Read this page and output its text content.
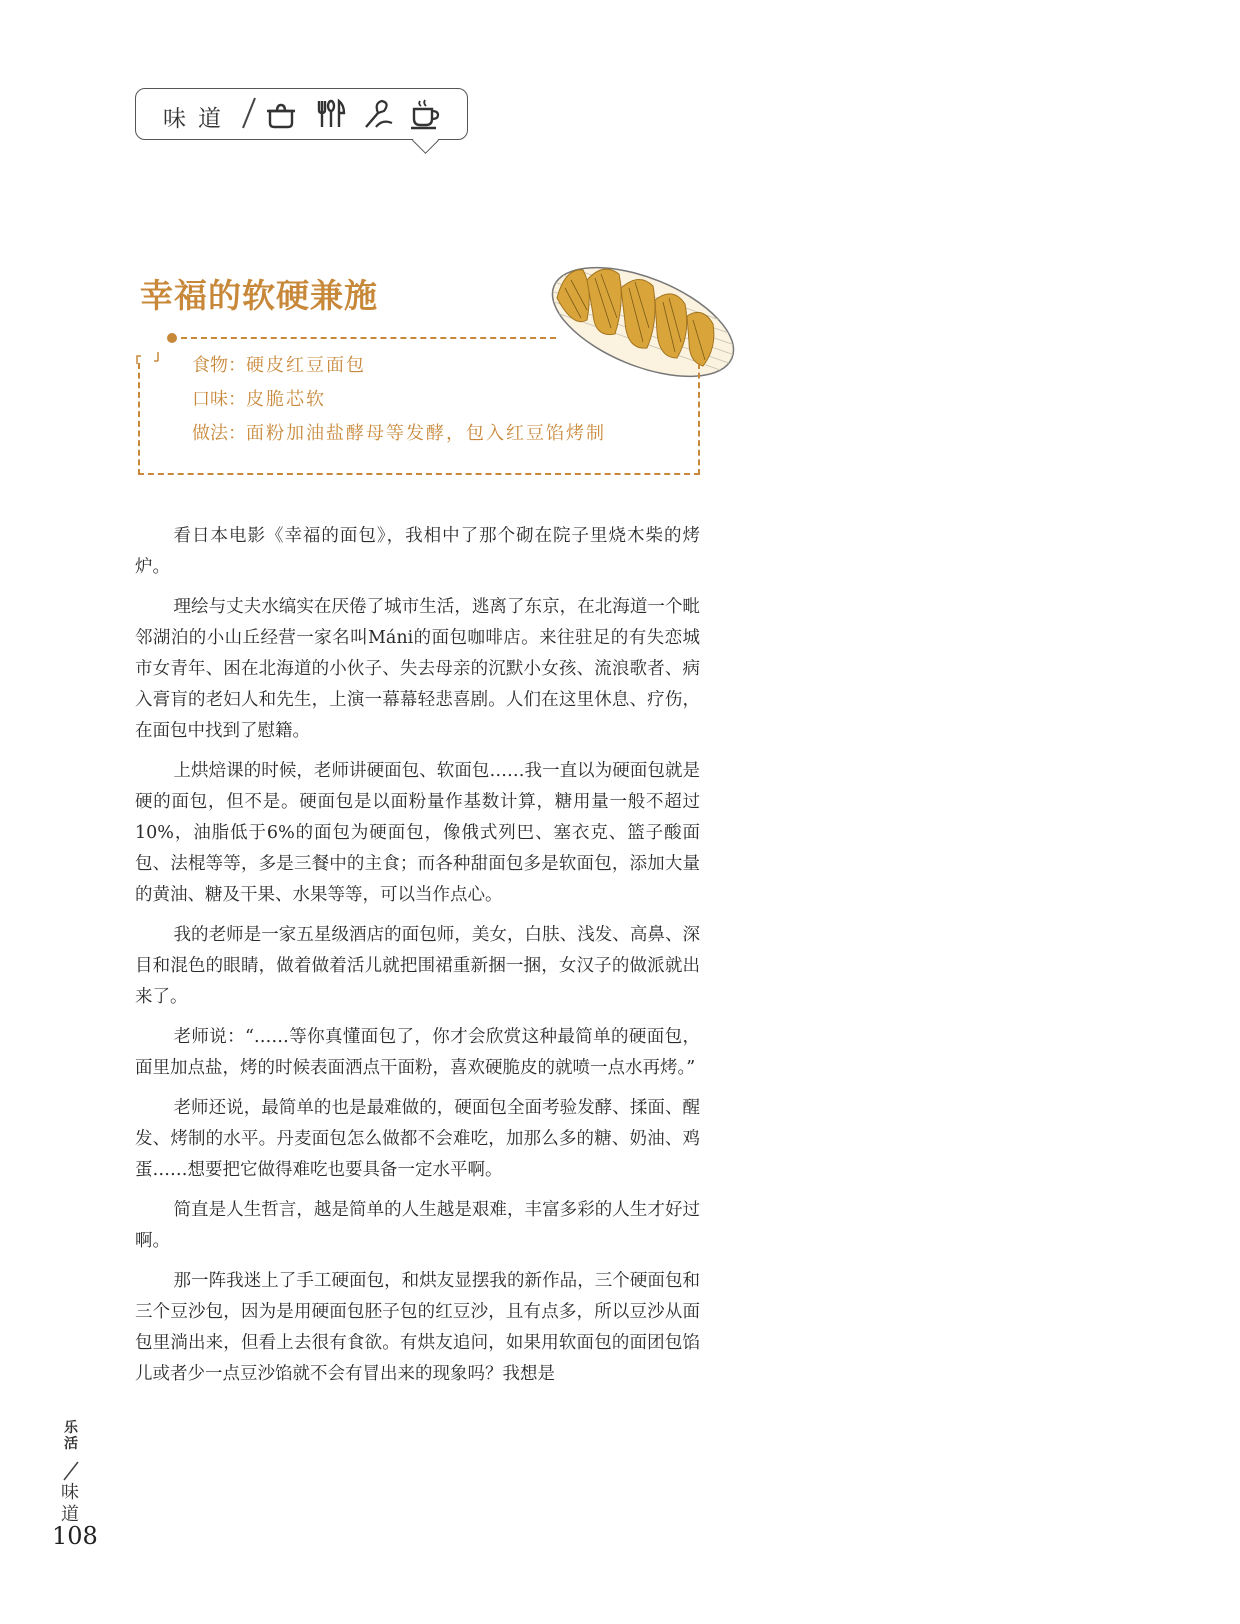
味道
幸福的软硬兼施
食物：硬皮红豆面包
口味：皮脆芯软
做法：面粉加油盐酵母等发酵，包入红豆馅烤制

看日本电影《幸福的面包》，我相中了那个砌在院子里烧木柴的烤炉。

理绘与丈夫水缟实在厌倦了城市生活，逃离了东京，在北海道一个毗邻湖泊的小山丘经营一家名叫Máni的面包咖啡店。来往驻足的有失恋城市女青年、困在北海道的小伙子、失去母亲的沉默小女孩、流浪歌者、病入膏肓的老妇人和先生，上演一幕幕轻悲喜剧。人们在这里休息、疗伤，在面包中找到了慰籍。

上烘焙课的时候，老师讲硬面包、软面包……我一直以为硬面包就是硬的面包，但不是。硬面包是以面粉量作基数计算，糖用量一般不超过10%，油脂低于6%的面包为硬面包，像俄式列巴、塞衣克、篮子酸面包、法棍等等，多是三餐中的主食；而各种甜面包多是软面包，添加大量的黄油、糖及干果、水果等等，可以当作点心。

我的老师是一家五星级酒店的面包师，美女，白肤、浅发、高鼻、深目和混色的眼睛，做着做着活儿就把围裙重新捆一捆，女汉子的做派就出来了。

老师说：“……等你真懂面包了，你才会欣赏这种最简单的硬面包，面里加点盐，烤的时候表面洒点干面粉，喜欢硬脆皮的就喷一点水再烤。”

老师还说，最简单的也是最难做的，硬面包全面考验发酵、揉面、醒发、烤制的水平。丹麦面包怎么做都不会难吃，加那么多的糖、奶油、鸡蛋……想要把它做得难吃也要具备一定水平啊。

简直是人生哲言，越是简单的人生越是艰难，丰富多彩的人生才好过啊。

那一阵我迷上了手工硬面包，和烘友显摆我的新作品，三个硬面包和三个豆沙包，因为是用硬面包胚子包的红豆沙，且有点多，所以豆沙从面包里淌出来，但看上去很有食欲。有烘友追问，如果用软面包的面团包馅儿或者少一点豆沙馅就不会有冒出来的现象吗？我想是

乐活
味道
108
